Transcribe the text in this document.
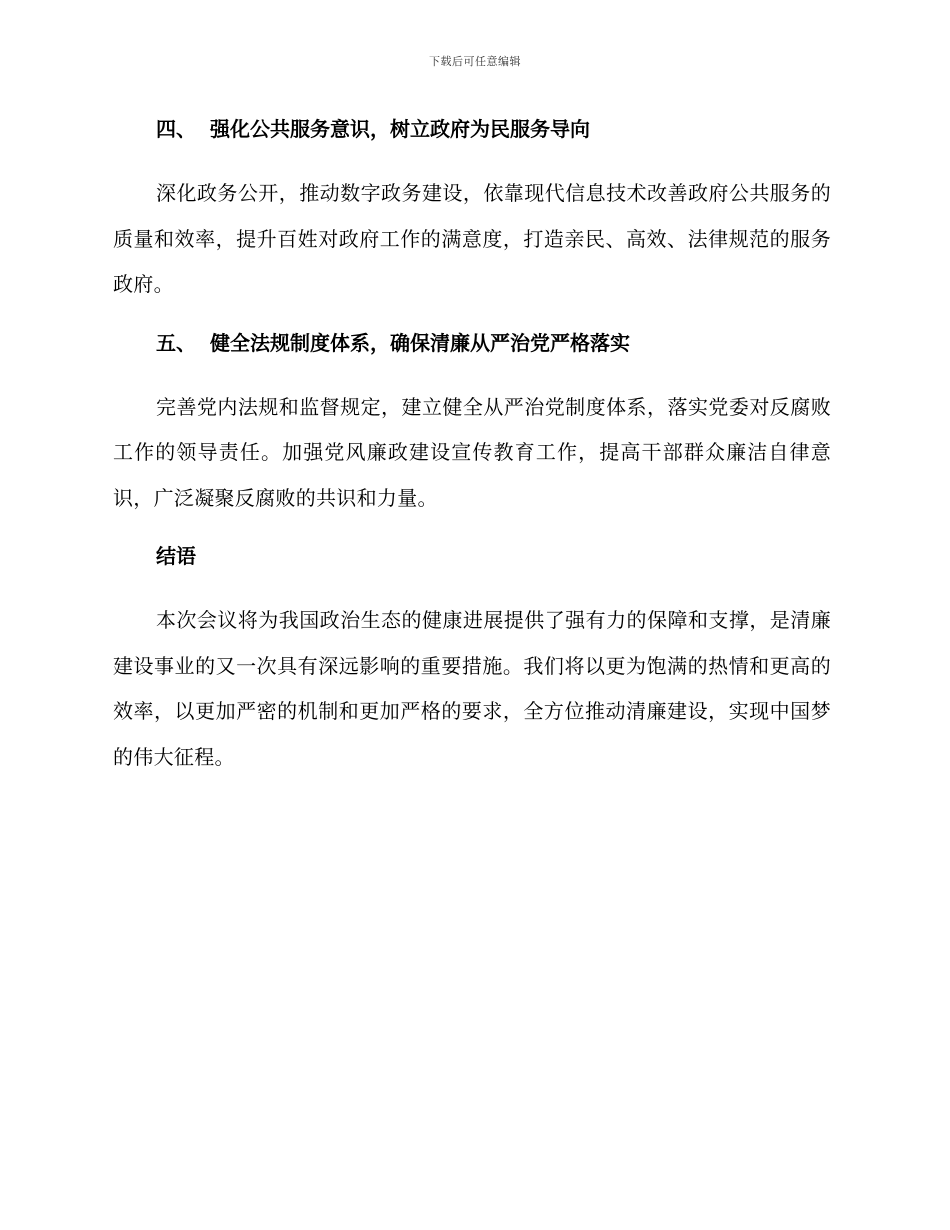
下载后可任意编辑
四、 强化公共服务意识，树立政府为民服务导向

深化政务公开，推动数字政务建设，依靠现代信息技术改善政府公共服务的质量和效率，提升百姓对政府工作的满意度，打造亲民、高效、法律规范的服务政府。

五、 健全法规制度体系，确保清廉从严治党严格落实

完善党内法规和监督规定，建立健全从严治党制度体系，落实党委对反腐败工作的领导责任。加强党风廉政建设宣传教育工作，提高干部群众廉洁自律意识，广泛凝聚反腐败的共识和力量。

结语

本次会议将为我国政治生态的健康进展提供了强有力的保障和支撑，是清廉建设事业的又一次具有深远影响的重要措施。我们将以更为饱满的热情和更高的效率，以更加严密的机制和更加严格的要求，全方位推动清廉建设，实现中国梦的伟大征程。
